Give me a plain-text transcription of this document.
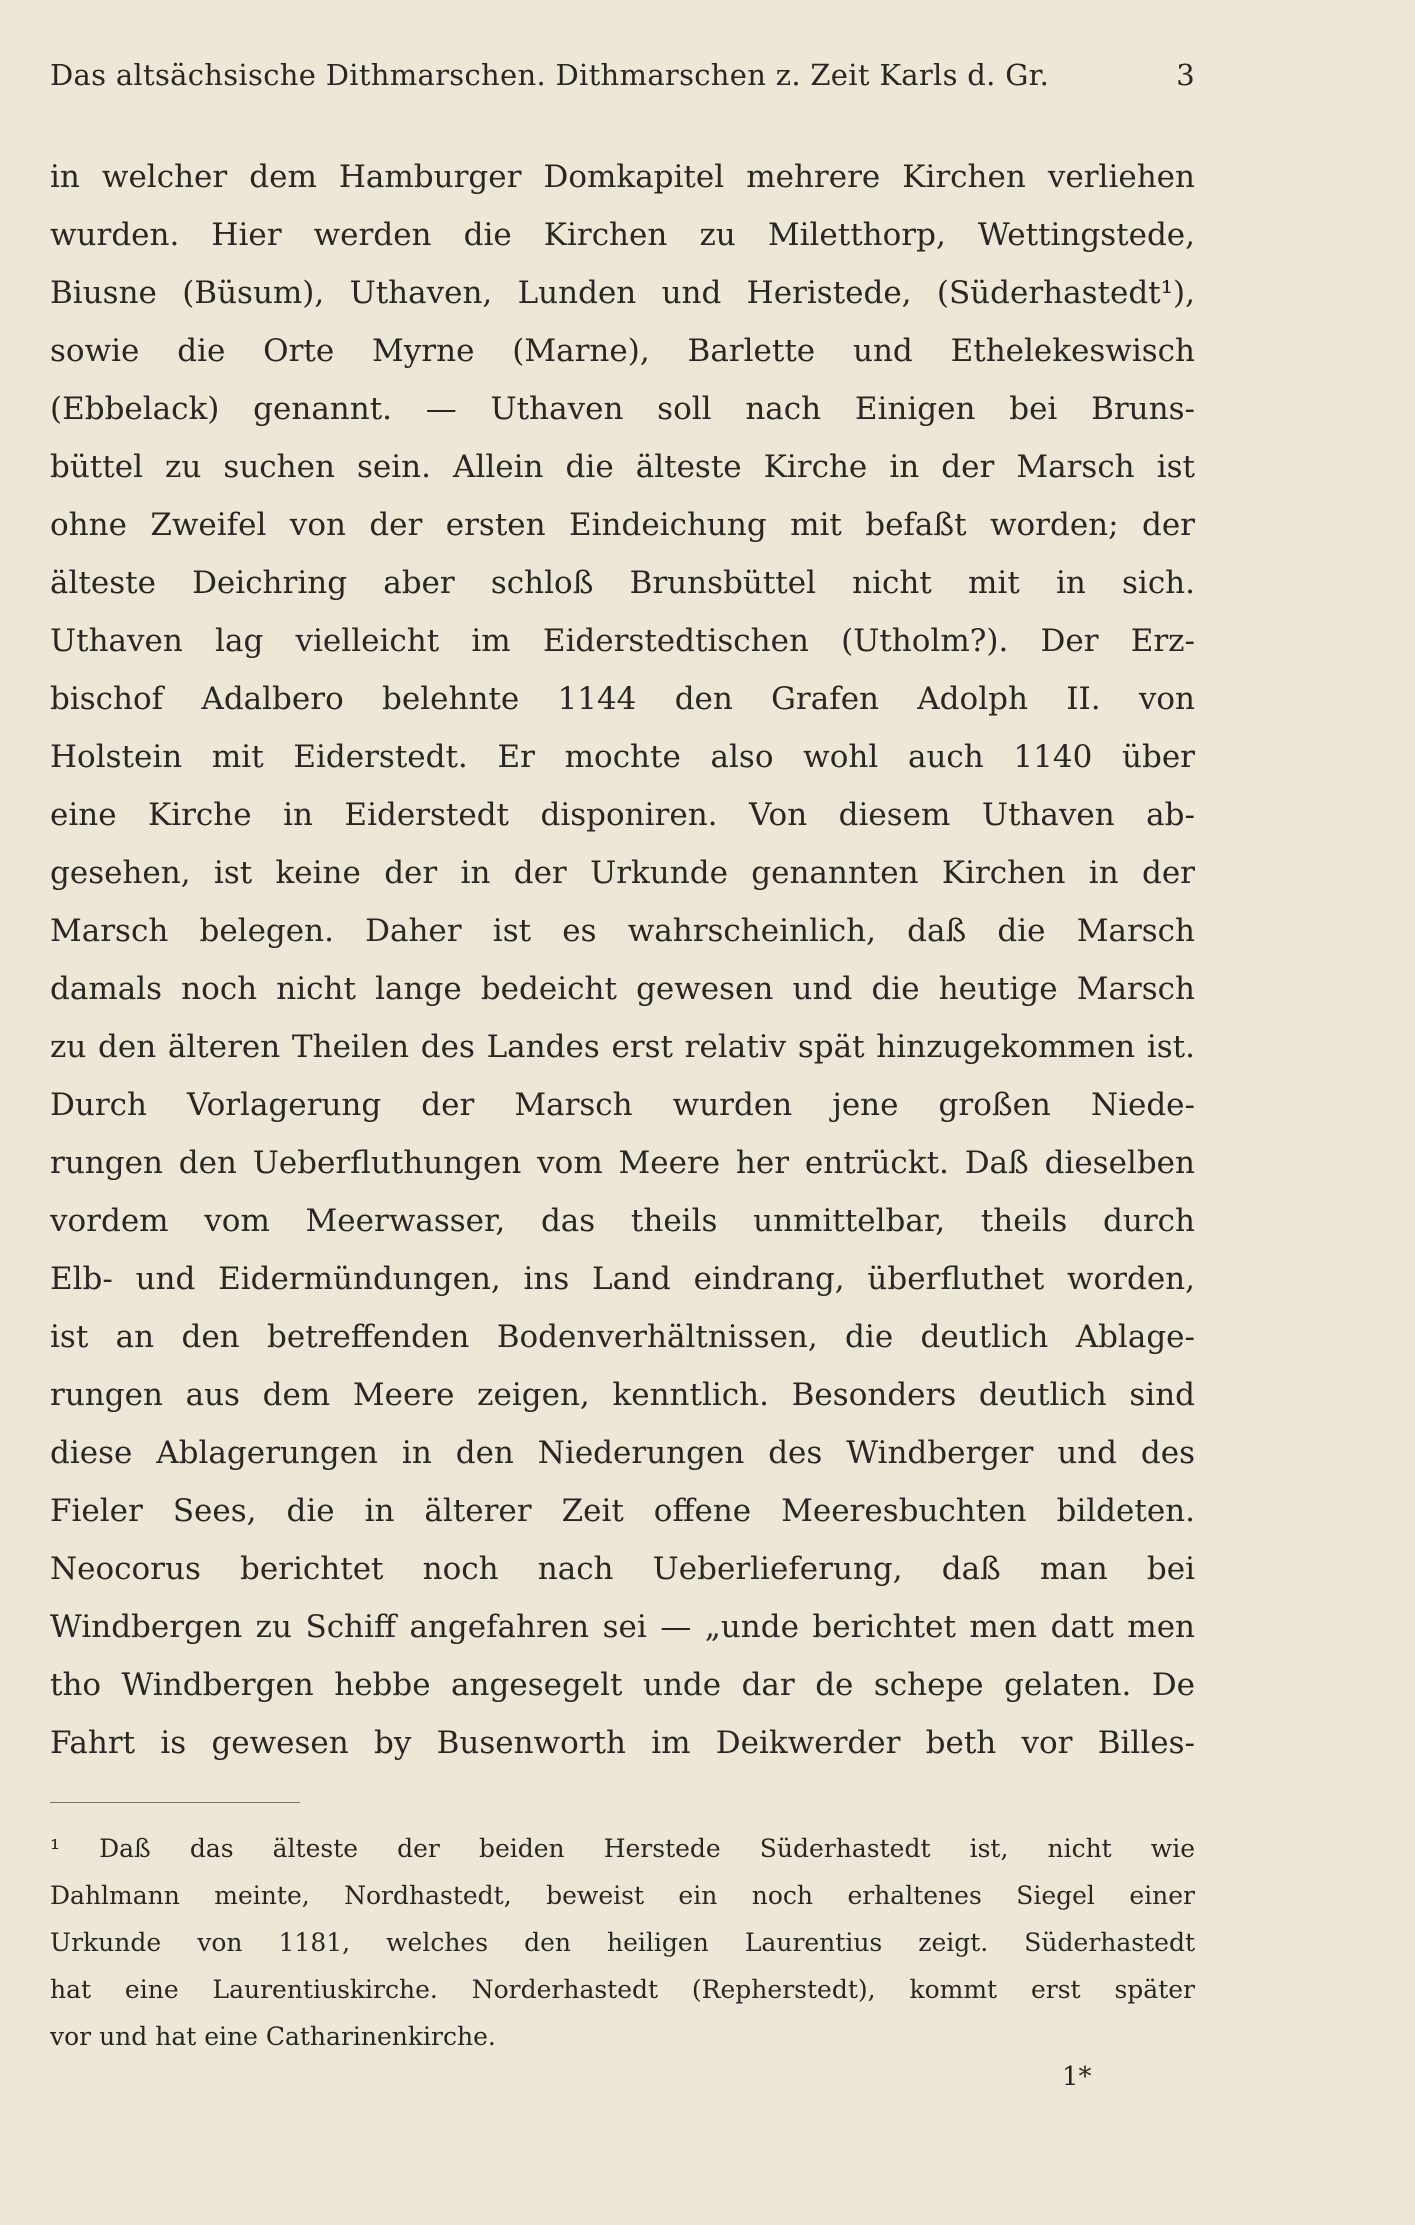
Das altsächsische Dithmarschen. Dithmarschen z. Zeit Karls d. Gr.	3
in welcher dem Hamburger Domkapitel mehrere Kirchen verliehen
wurden. Hier werden die Kirchen zu Miletthorp, Wettingstede,
Biusne (Büsum), Uthaven, Lunden und Heristede, (Süderhastedt¹),
sowie die Orte Myrne (Marne), Barlette und Ethelekeswisch
(Ebbelack) genannt. — Uthaven soll nach Einigen bei Bruns-
büttel zu suchen sein. Allein die älteste Kirche in der Marsch ist
ohne Zweifel von der ersten Eindeichung mit befaßt worden; der
älteste Deichring aber schloß Brunsbüttel nicht mit in sich.
Uthaven lag vielleicht im Eiderstedtischen (Utholm?). Der Erz-
bischof Adalbero belehnte 1144 den Grafen Adolph II. von
Holstein mit Eiderstedt. Er mochte also wohl auch 1140 über
eine Kirche in Eiderstedt disponiren. Von diesem Uthaven ab-
gesehen, ist keine der in der Urkunde genannten Kirchen in der
Marsch belegen. Daher ist es wahrscheinlich, daß die Marsch
damals noch nicht lange bedeicht gewesen und die heutige Marsch
zu den älteren Theilen des Landes erst relativ spät hinzugekommen ist.
Durch Vorlagerung der Marsch wurden jene großen Niede-
rungen den Ueberfluthungen vom Meere her entrückt. Daß dieselben
vordem vom Meerwasser, das theils unmittelbar, theils durch
Elb- und Eidermündungen, ins Land eindrang, überfluthet worden,
ist an den betreffenden Bodenverhältnissen, die deutlich Ablage-
rungen aus dem Meere zeigen, kenntlich. Besonders deutlich sind
diese Ablagerungen in den Niederungen des Windberger und des
Fieler Sees, die in älterer Zeit offene Meeresbuchten bildeten.
Neocorus berichtet noch nach Ueberlieferung, daß man bei
Windbergen zu Schiff angefahren sei — „unde berichtet men datt men
tho Windbergen hebbe angesegelt unde dar de schepe gelaten. De
Fahrt is gewesen by Busenworth im Deikwerder beth vor Billes-
¹ Daß das älteste der beiden Herstede Süderhastedt ist, nicht wie
Dahlmann meinte, Nordhastedt, beweist ein noch erhaltenes Siegel einer
Urkunde von 1181, welches den heiligen Laurentius zeigt. Süderhastedt
hat eine Laurentiuskirche. Norderhastedt (Repherstedt), kommt erst später
vor und hat eine Catharinenkirche.
1*
